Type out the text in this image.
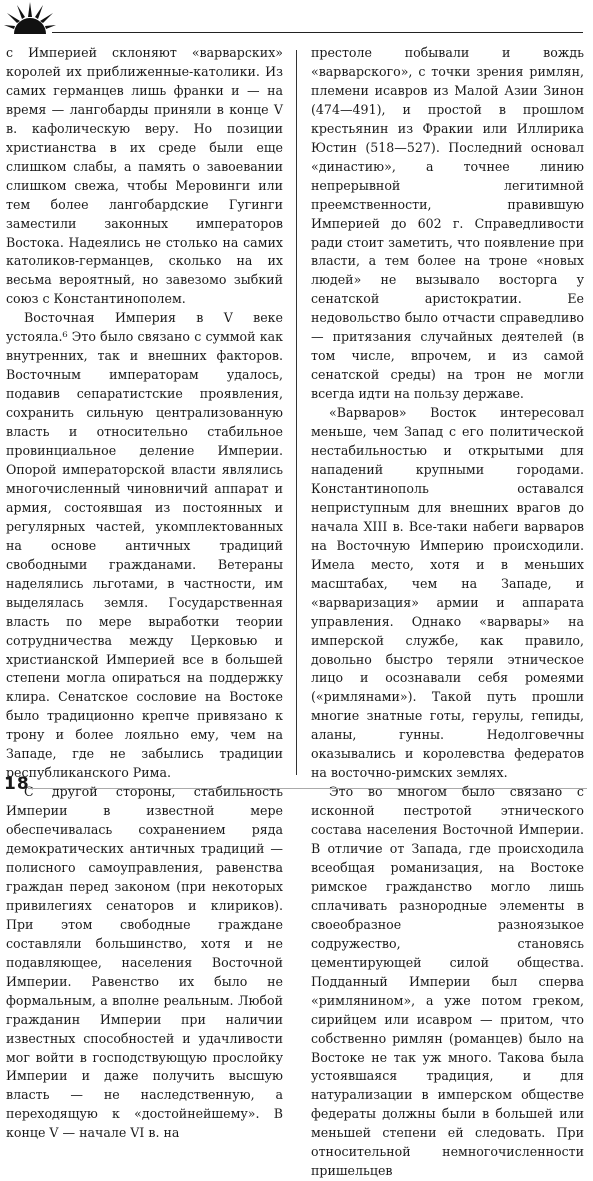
с Империей склоняют «варварских» королей их приближенные-католики. Из самих германцев лишь франки и — на время — лангобарды приняли в конце V в. кафолическую веру. Но позиции христианства в их среде были еще слишком слабы, а память о завоевании слишком свежа, чтобы Меровинги или тем более лангобардские Гугинги заместили законных императоров Востока. Надеялись не столько на самих католиков-германцев, сколько на их весьма вероятный, но завезомо зыбкий союз с Константинополем.

Восточная Империя в V веке устояла.⁶ Это было связано с суммой как внутренних, так и внешних факторов. Восточным императорам удалось, подавив сепаратистские проявления, сохранить сильную централизованную власть и относительно стабильное провинциальное деление Империи. Опорой императорской власти являлись многочисленный чиновничий аппарат и армия, состоявшая из постоянных и регулярных частей, укомплектованных на основе античных традиций свободными гражданами. Ветераны наделялись льготами, в частности, им выделялась земля. Государственная власть по мере выработки теории сотрудничества между Церковью и христианской Империей все в большей степени могла опираться на поддержку клира. Сенатское сословие на Востоке было традиционно крепче привязано к трону и более лояльно ему, чем на Западе, где не забылись традиции республиканского Рима.

С другой стороны, стабильность Империи в известной мере обеспечивалась сохранением ряда демократических античных традиций — полисного самоуправления, равенства граждан перед законом (при некоторых привилегиях сенаторов и клириков). При этом свободные граждане составляли большинство, хотя и не подавляющее, населения Восточной Империи. Равенство их было не формальным, а вполне реальным. Любой гражданин Империи при наличии известных способностей и удачливости мог войти в господствующую прослойку Империи и даже получить высшую власть — не наследственную, а переходящую к «достойнейшему». В конце V — начале VI в. на

престоле побывали и вождь «варварского», с точки зрения римлян, племени исавров из Малой Азии Зинон (474—491), и простой в прошлом крестьянин из Фракии или Иллирика Юстин (518—527). Последний основал «династию», а точнее линию непрерывной легитимной преемственности, правившую Империей до 602 г. Справедливости ради стоит заметить, что появление при власти, а тем более на троне «новых людей» не вызывало восторга у сенатской аристократии. Ее недовольство было отчасти справедливо — притязания случайных деятелей (в том числе, впрочем, и из самой сенатской среды) на трон не могли всегда идти на пользу державе.

«Варваров» Восток интересовал меньше, чем Запад с его политической нестабильностью и открытыми для нападений крупными городами. Константинополь оставался неприступным для внешних врагов до начала XIII в. Все-таки набеги варваров на Восточную Империю происходили. Имела место, хотя и в меньших масштабах, чем на Западе, и «варваризация» армии и аппарата управления. Однако «варвары» на имперской службе, как правило, довольно быстро теряли этническое лицо и осознавали себя ромеями («римлянами»). Такой путь прошли многие знатные готы, герулы, гепиды, аланы, гунны. Недолговечны оказывались и королевства федератов на восточно-римских землях.

Это во многом было связано с исконной пестротой этнического состава населения Восточной Империи. В отличие от Запада, где происходила всеобщая романизация, на Востоке римское гражданство могло лишь сплачивать разнородные элементы в своеобразное разноязыкое содружество, становясь цементирующей силой общества. Подданный Империи был сперва «римлянином», а уже потом греком, сирийцем или исавром — притом, что собственно римлян (романцев) было на Востоке не так уж много. Такова была устоявшаяся традиция, и для натурализации в имперском обществе федераты должны были в большей или меньшей степени ей следовать. При относительной немногочисленности пришельцев

18
